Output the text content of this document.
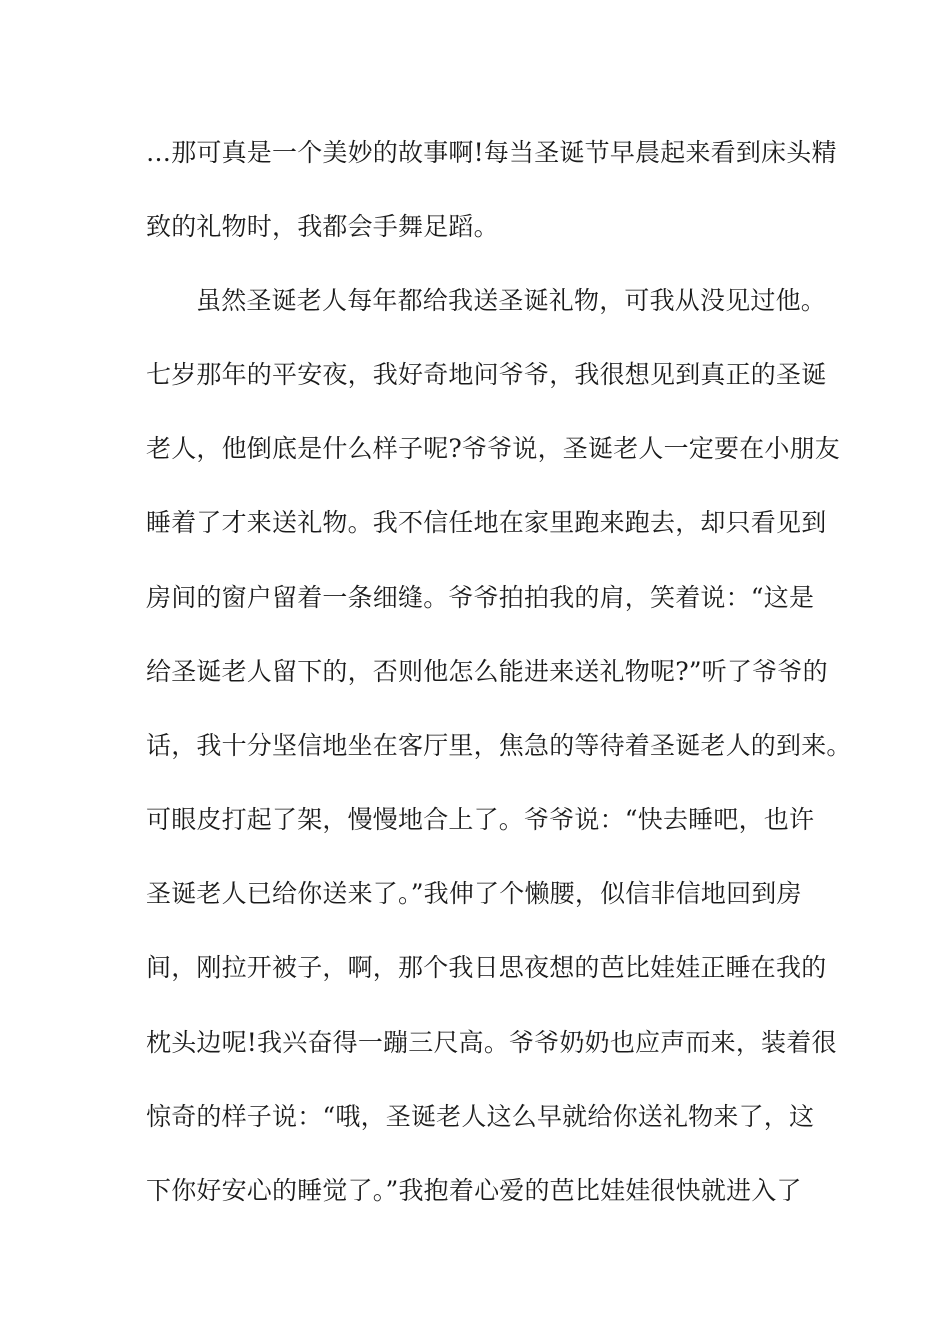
…那可真是一个美妙的故事啊!每当圣诞节早晨起来看到床头精
致的礼物时，我都会手舞足蹈。
虽然圣诞老人每年都给我送圣诞礼物，可我从没见过他。
七岁那年的平安夜，我好奇地问爷爷，我很想见到真正的圣诞
老人，他倒底是什么样子呢?爷爷说，圣诞老人一定要在小朋友
睡着了才来送礼物。我不信任地在家里跑来跑去，却只看见到
房间的窗户留着一条细缝。爷爷拍拍我的肩，笑着说：“这是
给圣诞老人留下的，否则他怎么能进来送礼物呢?”听了爷爷的
话，我十分坚信地坐在客厅里，焦急的等待着圣诞老人的到来。
可眼皮打起了架，慢慢地合上了。爷爷说：“快去睡吧，也许
圣诞老人已给你送来了。”我伸了个懒腰，似信非信地回到房
间，刚拉开被子，啊，那个我日思夜想的芭比娃娃正睡在我的
枕头边呢!我兴奋得一蹦三尺高。爷爷奶奶也应声而来，装着很
惊奇的样子说：“哦，圣诞老人这么早就给你送礼物来了，这
下你好安心的睡觉了。”我抱着心爱的芭比娃娃很快就进入了
